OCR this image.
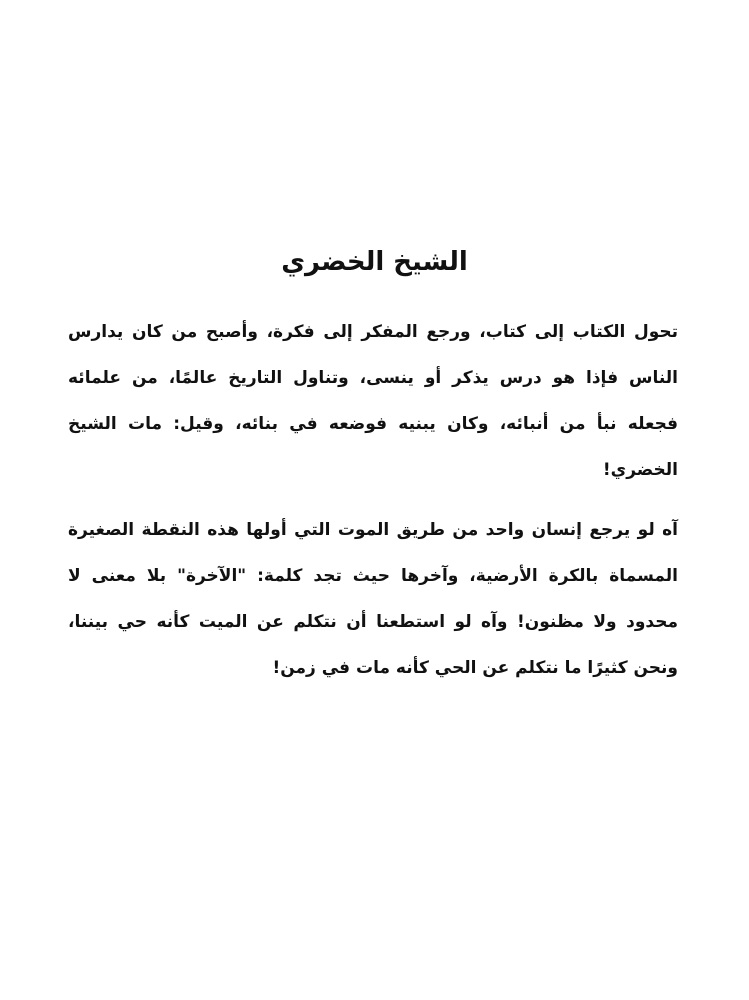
الشيخ الخضري

تحول الكتاب إلى كتاب، ورجع المفكر إلى فكرة، وأصبح من كان يدارس الناس فإذا هو درس يذكر أو ينسى، وتناول التاريخ عالمًا، من علمائه فجعله نبأ من أنبائه، وكان يبنيه فوضعه في بنائه، وقيل: مات الشيخ الخضري!

آه لو يرجع إنسان واحد من طريق الموت التي أولها هذه النقطة الصغيرة المسماة بالكرة الأرضية، وآخرها حيث تجد كلمة: "الآخرة" بلا معنى لا محدود ولا مظنون! وآه لو استطعنا أن نتكلم عن الميت كأنه حي بيننا، ونحن كثيرًا ما نتكلم عن الحي كأنه مات في زمن!
